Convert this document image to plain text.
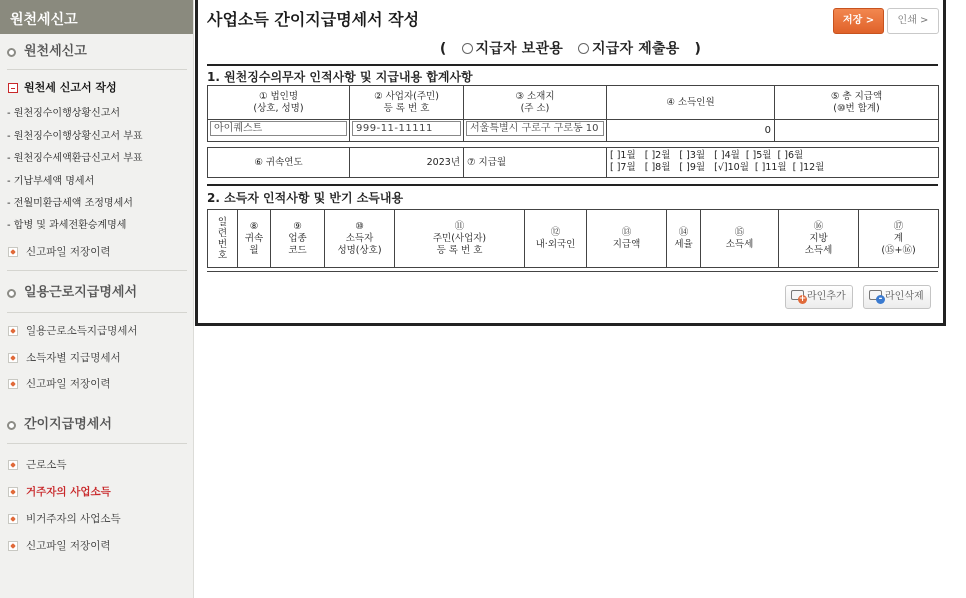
원천세신고
원천세신고
원천세 신고서 작성
- 원천징수이행상황신고서
- 원천징수이행상황신고서 부표
- 원천징수세액환급신고서 부표
- 기납부세액 명세서
- 전월미환급세액 조정명세서
- 합병 및 과세전환승계명세
신고파일 저장이력
일용근로지급명세서
일용근로소득지급명세서
소득자별 지급명세서
신고파일 저장이력
간이지급명세서
근로소득
거주자의 사업소득
비거주자의 사업소득
신고파일 저장이력
사업소득 간이지급명세서 작성	저장 >	인쇄 >
( 지급자 보관용 지급자 제출용 )
1. 원천징수의무자 인적사항 및 지급내용 합계사항
① 법인명
(상호, 성명)	② 사업자(주민)
등 록 번 호	③ 소재지
(주 소)	④ 소득인원	⑤ 총 지급액
(⑩번 합계)
아이퀘스트	999-11-11111	서울특별시 구로구 구로동 10	0	
⑥ 귀속연도	2023년	⑦ 지급월
[ ]1월   [ ]2월   [ ]3월   [ ]4월  [ ]5월  [ ]6월
[ ]7월   [ ]8월   [ ]9월   [√]10월  [ ]11월  [ ]12월
2. 소득자 인적사항 및 반기 소득내용
일
련
번
호	⑧
귀속
월	⑨
업종
코드	⑩
소득자
성명(상호)	⑪
주민(사업자)
등 록 번 호	⑫
내·외국인	⑬
지급액	⑭
세율	⑮
소득세	⑯
지방
소득세	⑰
계
(⑮+⑯)
+라인추가 -	라인삭제
